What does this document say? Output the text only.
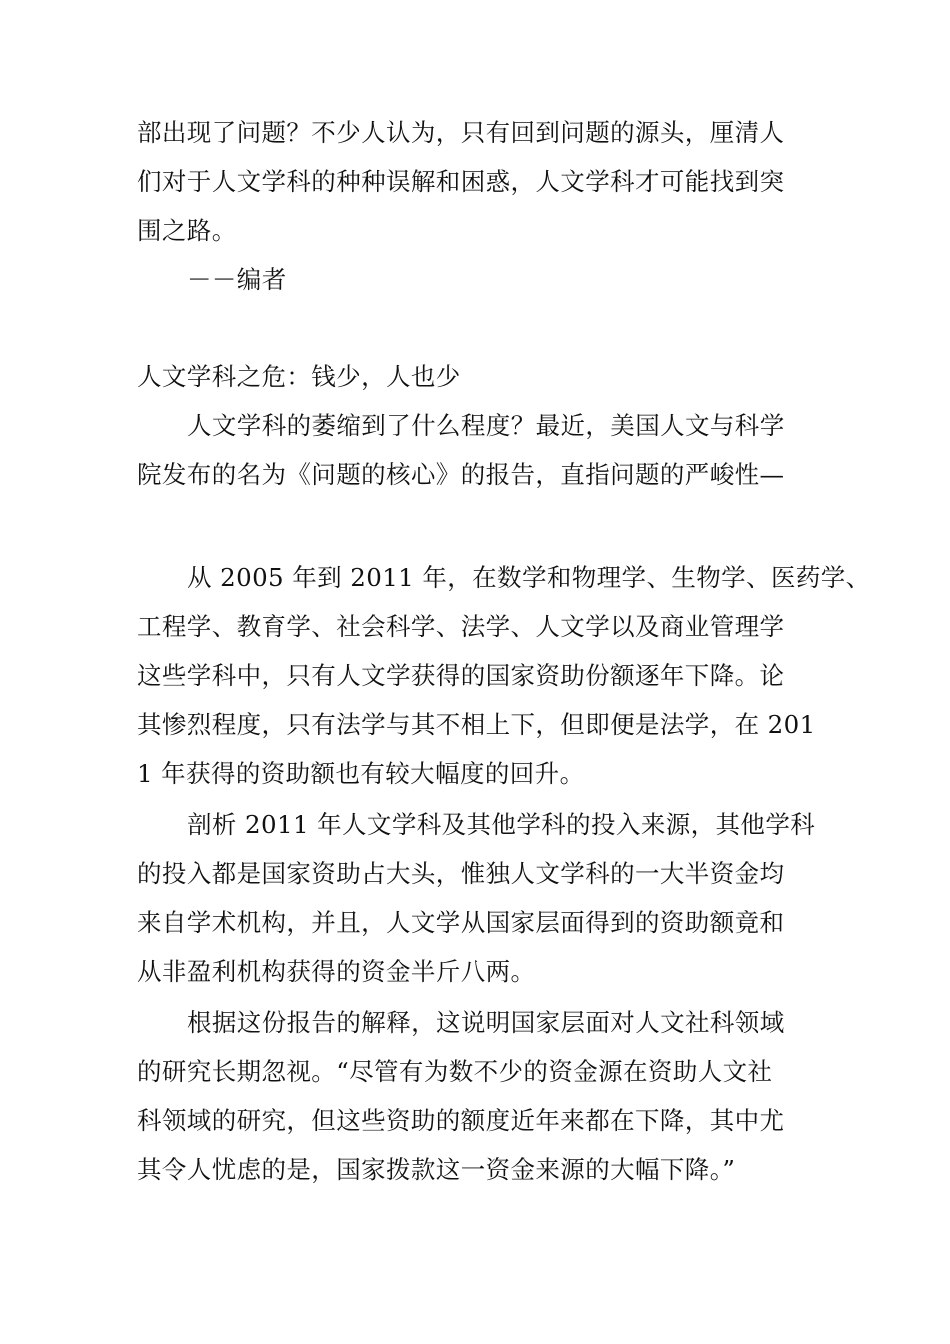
部出现了问题？不少人认为，只有回到问题的源头，厘清人
们对于人文学科的种种误解和困惑，人文学科才可能找到突
围之路。
－－编者
人文学科之危：钱少，人也少
人文学科的萎缩到了什么程度？最近，美国人文与科学
院发布的名为《问题的核心》的报告，直指问题的严峻性—
从 2005 年到 2011 年，在数学和物理学、生物学、医药学、
工程学、教育学、社会科学、法学、人文学以及商业管理学
这些学科中，只有人文学获得的国家资助份额逐年下降。论
其惨烈程度，只有法学与其不相上下，但即便是法学，在 201
1 年获得的资助额也有较大幅度的回升。
剖析 2011 年人文学科及其他学科的投入来源，其他学科
的投入都是国家资助占大头，惟独人文学科的一大半资金均
来自学术机构，并且，人文学从国家层面得到的资助额竟和
从非盈利机构获得的资金半斤八两。
根据这份报告的解释，这说明国家层面对人文社科领域
的研究长期忽视。“尽管有为数不少的资金源在资助人文社
科领域的研究，但这些资助的额度近年来都在下降，其中尤
其令人忧虑的是，国家拨款这一资金来源的大幅下降。”
